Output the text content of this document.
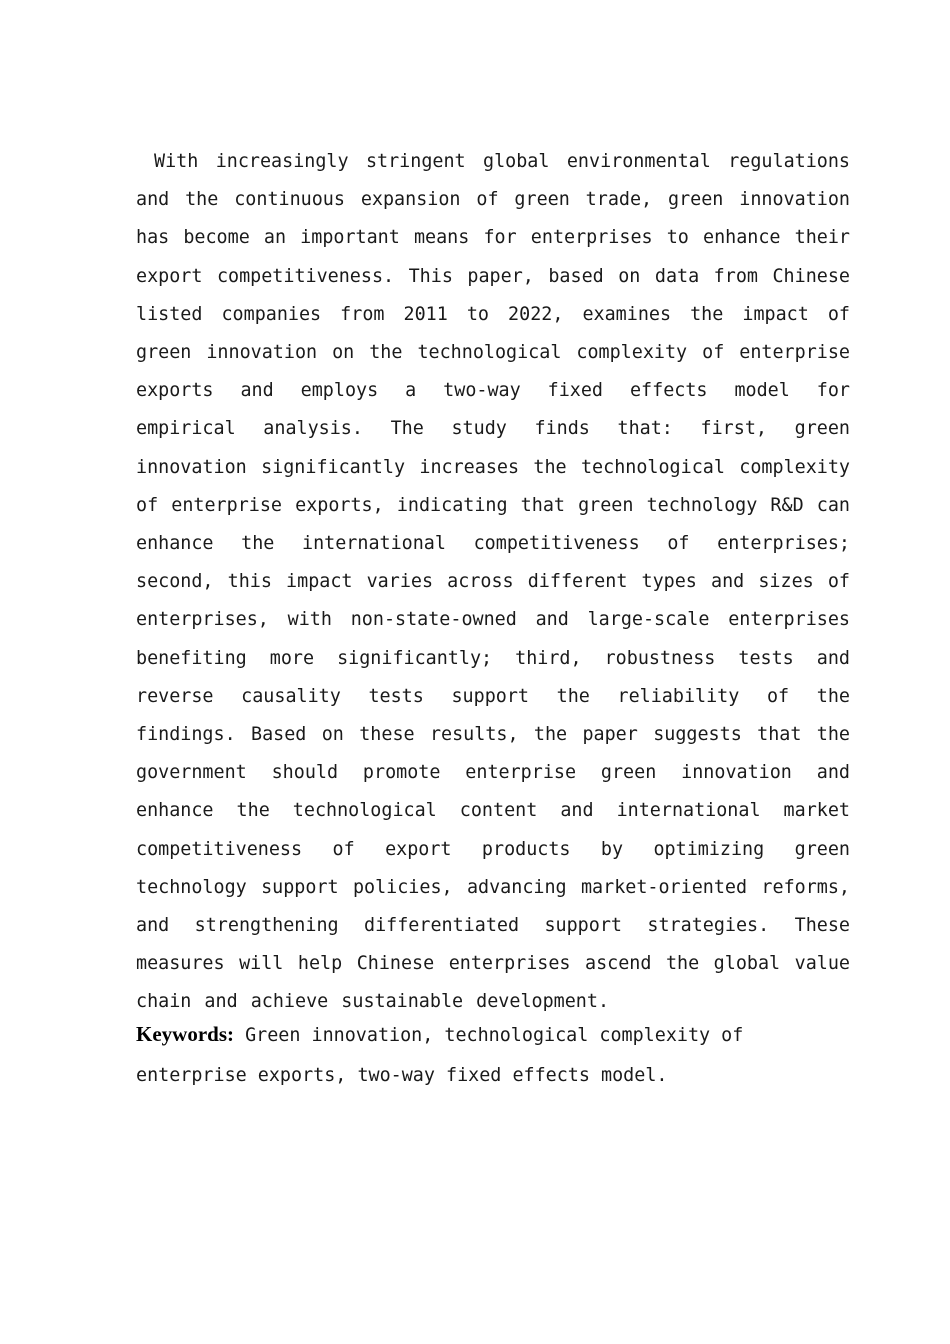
With increasingly stringent global environmental regulations and the continuous expansion of green trade, green innovation has become an important means for enterprises to enhance their export competitiveness. This paper, based on data from Chinese listed companies from 2011 to 2022, examines the impact of green innovation on the technological complexity of enterprise exports and employs a two-way fixed effects model for empirical analysis. The study finds that: first, green innovation significantly increases the technological complexity of enterprise exports, indicating that green technology R&D can enhance the international competitiveness of enterprises; second, this impact varies across different types and sizes of enterprises, with non-state-owned and large-scale enterprises benefiting more significantly; third, robustness tests and reverse causality tests support the reliability of the findings. Based on these results, the paper suggests that the government should promote enterprise green innovation and enhance the technological content and international market competitiveness of export products by optimizing green technology support policies, advancing market-oriented reforms, and strengthening differentiated support strategies. These measures will help Chinese enterprises ascend the global value chain and achieve sustainable development.

Keywords: Green innovation, technological complexity of enterprise exports, two-way fixed effects model.
